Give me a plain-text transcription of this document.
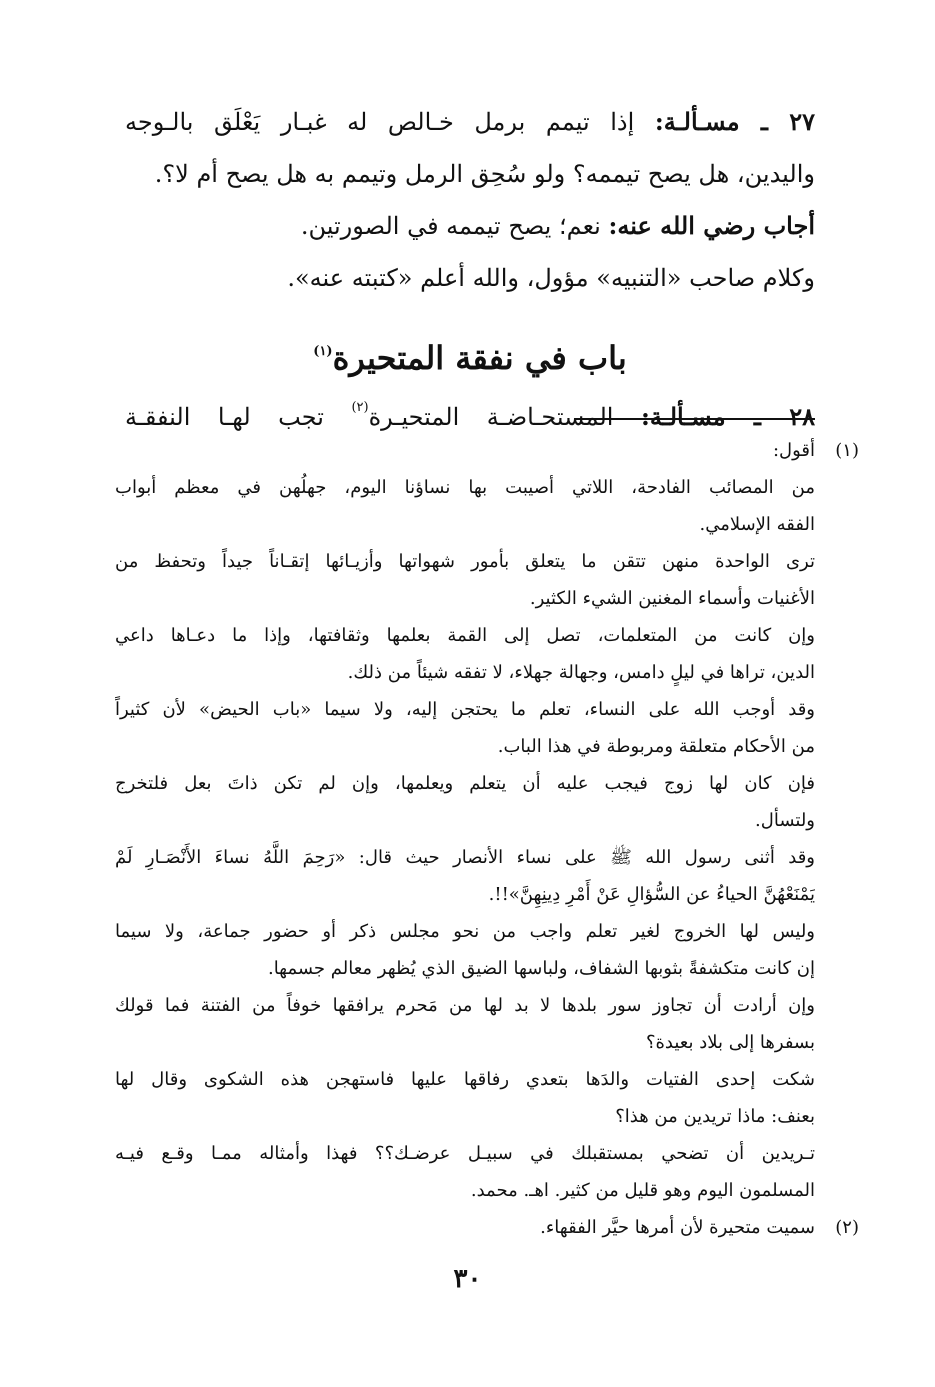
٢٧ ـ مسـألـة: إذا تيمم برمل خـالص له غبـار يَعْلَق بالـوجه
واليدين، هل يصح تيممه؟ ولو سُحِق الرمل وتيمم به هل يصح أم لا؟.
أجاب رضي الله عنه: نعم؛ يصح تيممه في الصورتين.
وكلام صاحب «التنبيه» مؤول، والله أعلم «كتبته عنه».
باب في نفقة المتحيرة$^{(١)}$
٢٨ ـ مسـألـة: المستحـاضـة المتحيـرة$^{(٢)}$ تجب لهـا النفقـة
(١)
أقول:
من المصائب الفادحة، اللاتي أصيبت بها نساؤنا اليوم، جهلُهن في معظم أبواب
الفقه الإسلامي.
ترى الواحدة منهن تتقن ما يتعلق بأمور شهواتها وأزيـائها إتقـاناً جيداً وتحفظ من
الأغنيات وأسماء المغنين الشيء الكثير.
وإن كانت من المتعلمات، تصل إلى القمة بعلمها وثقافتها، وإذا ما دعـاها داعي
الدين، تراها في ليلٍ دامس، وجهالة جهلاء، لا تفقه شيئاً من ذلك.
وقد أوجب الله على النساء، تعلم ما يحتجن إليه، ولا سيما «باب الحيض» لأن كثيراً
من الأحكام متعلقة ومربوطة في هذا الباب.
فإن كان لها زوج فيجب عليه أن يتعلم ويعلمها، وإن لم تكن ذاتَ بعل فلتخرج
ولتسأل.
وقد أثنى رسول الله ﷺ على نساء الأنصار حيث قال: «رَحِمَ اللَّهُ نساءَ الأَنْصَـارِ لَمْ
يَمْنَعْهُنَّ الحياءُ عن السُّؤالِ عَنْ أَمْرِ دِينِهِنَّ»!!.
وليس لها الخروج لغير تعلم واجب من نحو مجلس ذكر أو حضور جماعة، ولا سيما
إن كانت متكشفةً بثوبها الشفاف، ولباسها الضيق الذي يُظهر معالم جسمها.
وإن أرادت أن تجاوز سور بلدها لا بد لها من مَحرم يرافقها خوفاً من الفتنة فما قولك
بسفرها إلى بلاد بعيدة؟
شكت إحدى الفتيات والدَها بتعدي رفاقها عليها فاستهجن هذه الشكوى وقال لها
بعنف: ماذا تريدين من هذا؟
تـريدين أن تضحي بمستقبلك في سبيـل عرضـك؟؟ فهذا وأمثاله ممـا وقـع فيـه
المسلمون اليوم وهو قليل من كثير. اهـ. محمد.
(٢)
سميت متحيرة لأن أمرها حيَّر الفقهاء.
٣٠
